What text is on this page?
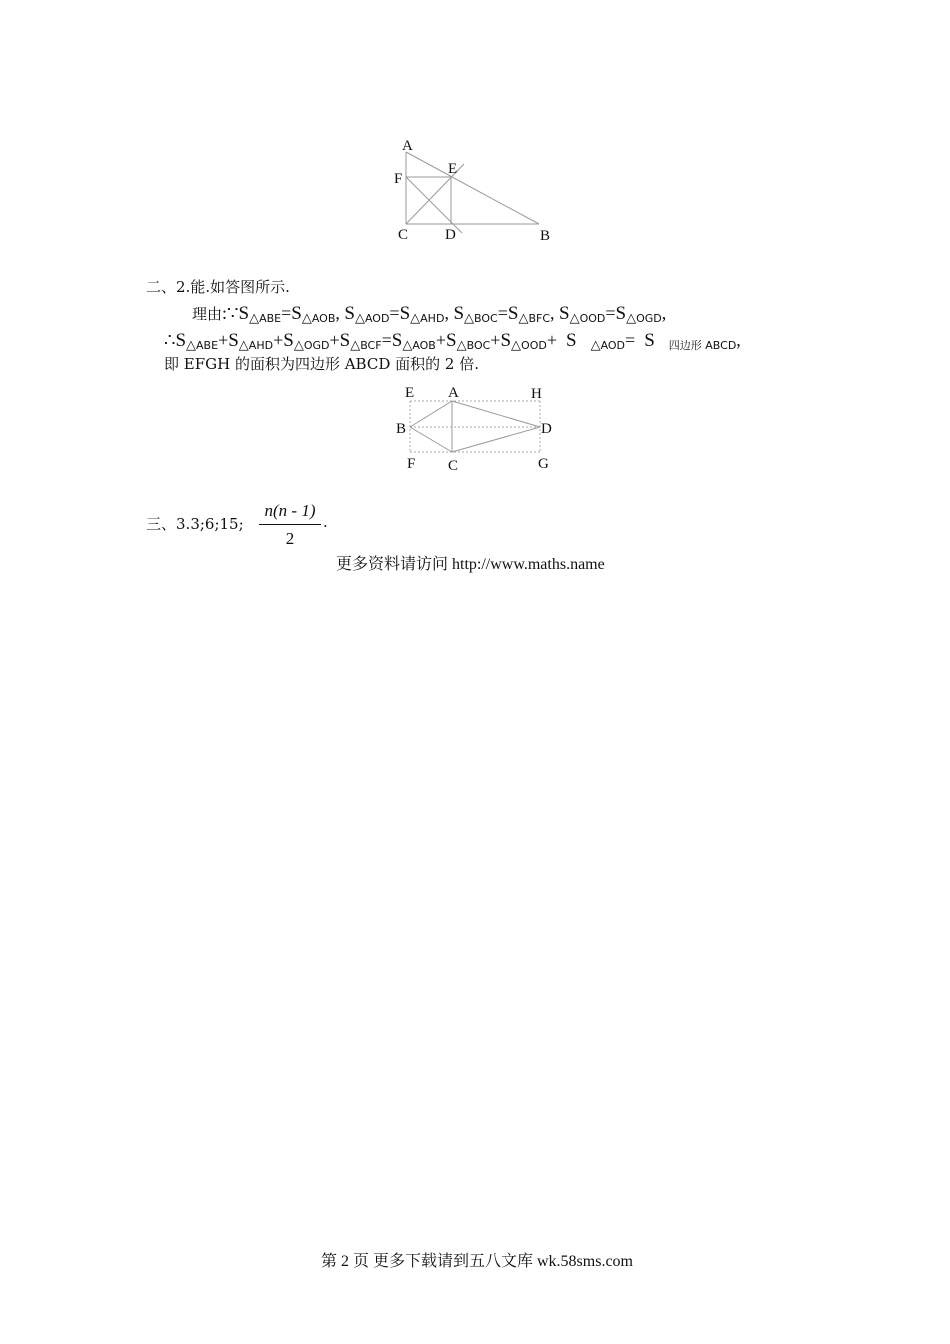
A
E
F
C D	B
二、2.能.如答图所示.
理由$:\because S\triangle_{ABE}=S\triangle_{AOB}$, $S\triangle_{AOD}=S\triangle_{AHD}$, $S\triangle_{BOC}=S\triangle_{BFC}$, $S\triangle_{OOD}=S\triangle_{OGD}$,
$\therefore S\triangle_{ABE}+S\triangle_{AHD}+S\triangle_{OGD}+S\triangle_{BCF}=S\triangle_{AOB}+S\triangle_{BOC}+S\triangle_{OOD}+ S$ $\triangle_{AOD}= S$ $_{四边形 ABCD}$,
即 EFGH 的面积为四边形 ABCD 面积的 2 倍.
E A	H
B	D
F C	G
三、3.3;6;15;
n(n - 1)
2
.
更多资料请访问 http://www.maths.name
第 2 页 更多下载请到五八文库 wk.58sms.com
